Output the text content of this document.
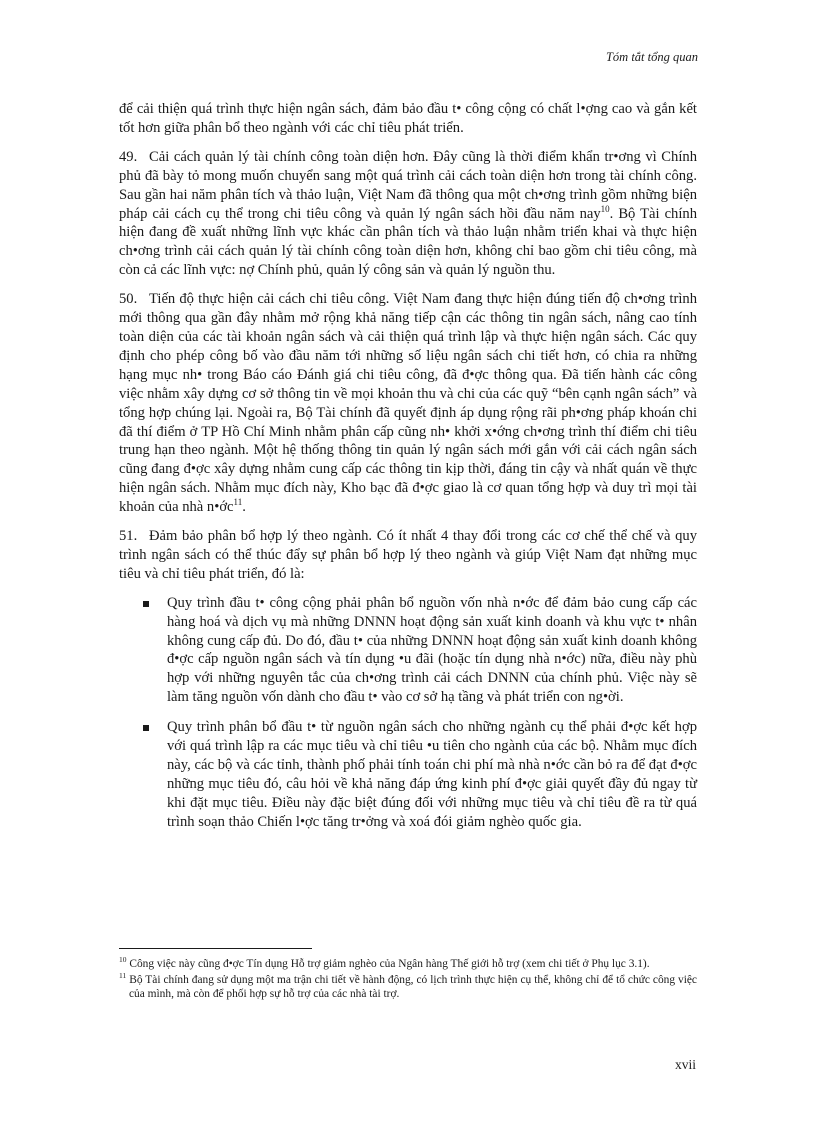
Tóm tắt tổng quan

để cải thiện quá trình thực hiện ngân sách, đảm bảo đầu t• công cộng có chất l•ợng cao và gắn kết tốt hơn giữa phân bổ theo ngành với các chỉ tiêu phát triển.

49. Cải cách quản lý tài chính công toàn diện hơn. Đây cũng là thời điểm khẩn tr•ơng vì Chính phủ đã bày tỏ mong muốn chuyển sang một quá trình cải cách toàn diện hơn trong tài chính công. Sau gần hai năm phân tích và thảo luận, Việt Nam đã thông qua một ch•ơng trình gồm những biện pháp cải cách cụ thể trong chi tiêu công và quản lý ngân sách hồi đầu năm nay$^{10}$. Bộ Tài chính hiện đang đề xuất những lĩnh vực khác cần phân tích và thảo luận nhằm triển khai và thực hiện ch•ơng trình cải cách quản lý tài chính công toàn diện hơn, không chỉ bao gồm chi tiêu công, mà còn cả các lĩnh vực: nợ Chính phủ, quản lý công sản và quản lý nguồn thu.

50. Tiến độ thực hiện cải cách chi tiêu công. Việt Nam đang thực hiện đúng tiến độ ch•ơng trình mới thông qua gần đây nhằm mở rộng khả năng tiếp cận các thông tin ngân sách, nâng cao tính toàn diện của các tài khoản ngân sách và cải thiện quá trình lập và thực hiện ngân sách. Các quy định cho phép công bố vào đầu năm tới những số liệu ngân sách chi tiết hơn, có chia ra những hạng mục nh• trong Báo cáo Đánh giá chi tiêu công, đã đ•ợc thông qua. Đã tiến hành các công việc nhằm xây dựng cơ sở thông tin về mọi khoản thu và chi của các quỹ “bên cạnh ngân sách” và tổng hợp chúng lại. Ngoài ra, Bộ Tài chính đã quyết định áp dụng rộng rãi ph•ơng pháp khoán chi đã thí điểm ở TP Hồ Chí Minh nhằm phân cấp cũng nh• khởi x•ớng ch•ơng trình thí điểm chi tiêu trung hạn theo ngành. Một hệ thống thông tin quản lý ngân sách mới gắn với cải cách ngân sách cũng đang đ•ợc xây dựng nhằm cung cấp các thông tin kịp thời, đáng tin cậy và nhất quán về thực hiện ngân sách. Nhằm mục đích này, Kho bạc đã đ•ợc giao là cơ quan tổng hợp và duy trì mọi tài khoản của nhà n•ớc$^{11}$.

51. Đảm bảo phân bổ hợp lý theo ngành. Có ít nhất 4 thay đổi trong các cơ chế thể chế và quy trình ngân sách có thể thúc đẩy sự phân bổ hợp lý theo ngành và giúp Việt Nam đạt những mục tiêu và chỉ tiêu phát triển, đó là:

Quy trình đầu t• công cộng phải phân bổ nguồn vốn nhà n•ớc để đảm bảo cung cấp các hàng hoá và dịch vụ mà những DNNN hoạt động sản xuất kinh doanh và khu vực t• nhân không cung cấp đủ. Do đó, đầu t• của những DNNN hoạt động sản xuất kinh doanh không đ•ợc cấp nguồn ngân sách và tín dụng •u đãi (hoặc tín dụng nhà n•ớc) nữa, điều này phù hợp với những nguyên tắc của ch•ơng trình cải cách DNNN của chính phủ. Việc này sẽ làm tăng nguồn vốn dành cho đầu t• vào cơ sở hạ tầng và phát triển con ng•ời.
Quy trình phân bổ đầu t• từ nguồn ngân sách cho những ngành cụ thể phải đ•ợc kết hợp với quá trình lập ra các mục tiêu và chỉ tiêu •u tiên cho ngành của các bộ. Nhằm mục đích này, các bộ và các tỉnh, thành phố phải tính toán chi phí mà nhà n•ớc cần bỏ ra để đạt đ•ợc những mục tiêu đó, câu hỏi về khả năng đáp ứng kinh phí đ•ợc giải quyết đầy đủ ngay từ khi đặt mục tiêu. Điều này đặc biệt đúng đối với những mục tiêu và chỉ tiêu đề ra từ quá trình soạn thảo Chiến l•ợc tăng tr•ởng và xoá đói giảm nghèo quốc gia.

$^{10}$ Công việc này cũng đ•ợc Tín dụng Hỗ trợ giảm nghèo của Ngân hàng Thế giới hỗ trợ (xem chi tiết ở Phụ lục 3.1).

$^{11}$ Bộ Tài chính đang sử dụng một ma trận chi tiết về hành động, có lịch trình thực hiện cụ thể, không chỉ để tổ chức công việc của mình, mà còn để phối hợp sự hỗ trợ của các nhà tài trợ.

xvii
